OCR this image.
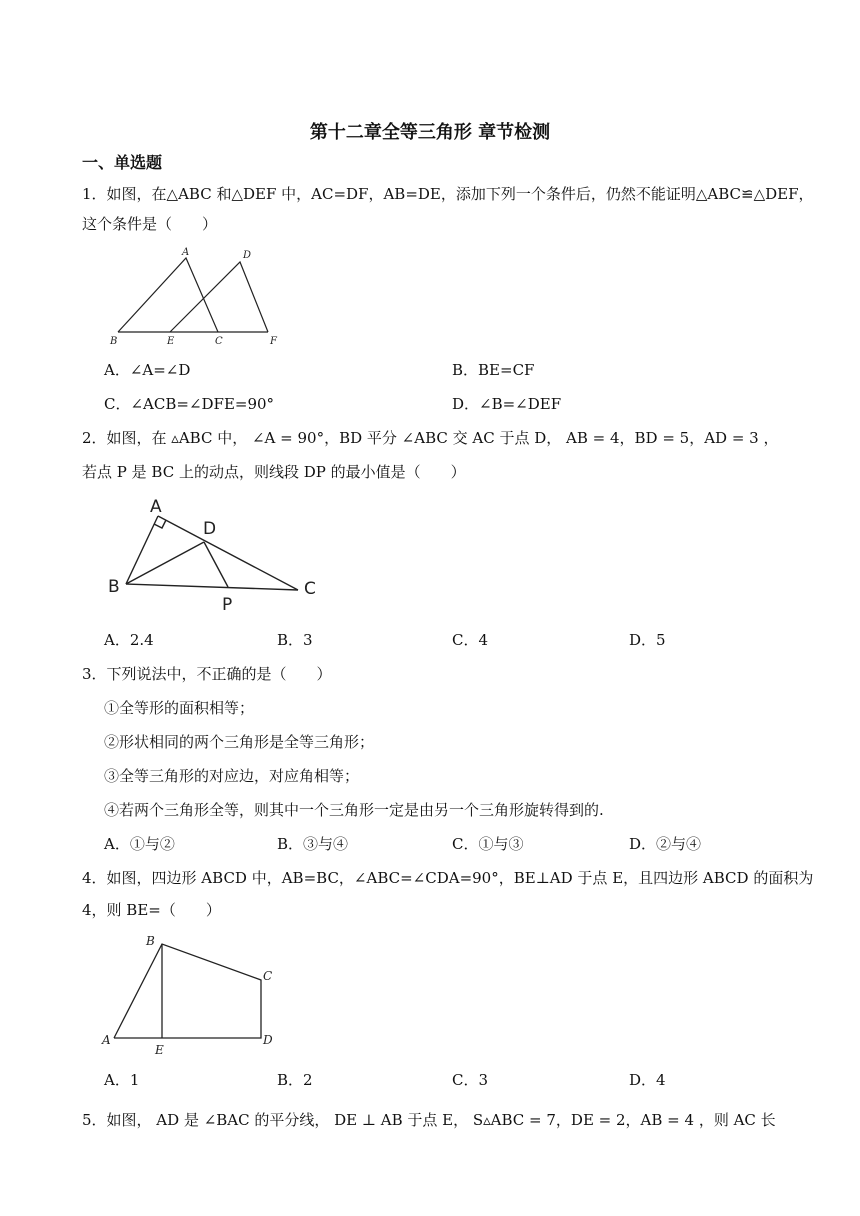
第十二章全等三角形 章节检测
一、单选题
1．如图，在△ABC 和△DEF 中，AC=DF，AB=DE，添加下列一个条件后，仍然不能证明△ABC≌△DEF，
这个条件是（　　）
A	D
B	E	C	F
A．∠A=∠D	B．BE=CF
C．∠ACB=∠DFE=90°	D．∠B=∠DEF
2．如图，在 ▵ABC 中， ∠A = 90°，BD 平分 ∠ABC 交 AC 于点 D， AB = 4，BD = 5，AD = 3 ，
若点 P 是 BC 上的动点，则线段 DP 的最小值是（　　）
A
D
B	C
P
A．2.4	B．3	C．4	D．5
3．下列说法中，不正确的是（　　）
①全等形的面积相等；
②形状相同的两个三角形是全等三角形；
③全等三角形的对应边，对应角相等；
④若两个三角形全等，则其中一个三角形一定是由另一个三角形旋转得到的.
A．①与②	B．③与④	C．①与③	D．②与④
4．如图，四边形 ABCD 中，AB=BC，∠ABC=∠CDA=90°，BE⊥AD 于点 E，且四边形 ABCD 的面积为
4，则 BE=（　　）
B
C
A
E
D
A．1	B．2	C．3	D．4
5．如图， AD 是 ∠BAC 的平分线， DE ⊥ AB 于点 E， S▵ABC = 7，DE = 2，AB = 4 ，则 AC 长
